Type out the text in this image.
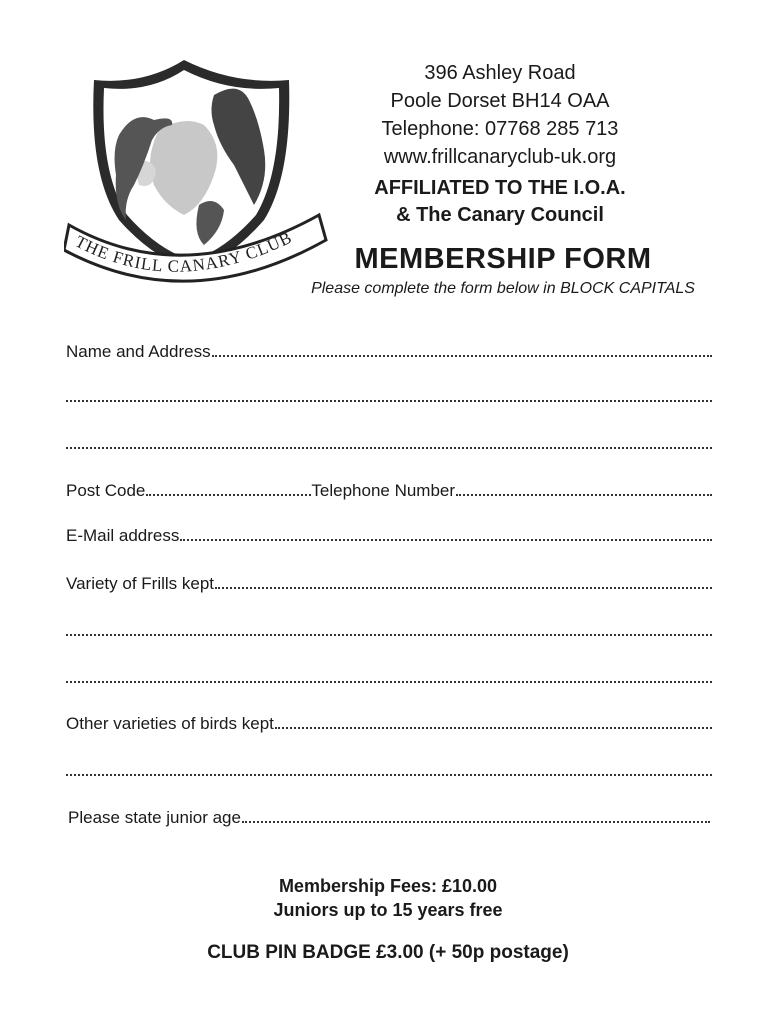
THE FRILL CANARY CLUB
396 Ashley Road
Poole Dorset BH14 OAA
Telephone: 07768 285 713
www.frillcanaryclub-uk.org
AFFILIATED TO THE I.O.A.
& The Canary Council
MEMBERSHIP FORM
Please complete the form below in BLOCK CAPITALS
Name and Address
Post Code	Telephone Number
E-Mail address
Variety of Frills kept
Other varieties of birds kept
Please state junior age
Membership Fees: £10.00
Juniors up to 15 years free
CLUB PIN BADGE £3.00 (+ 50p postage)
